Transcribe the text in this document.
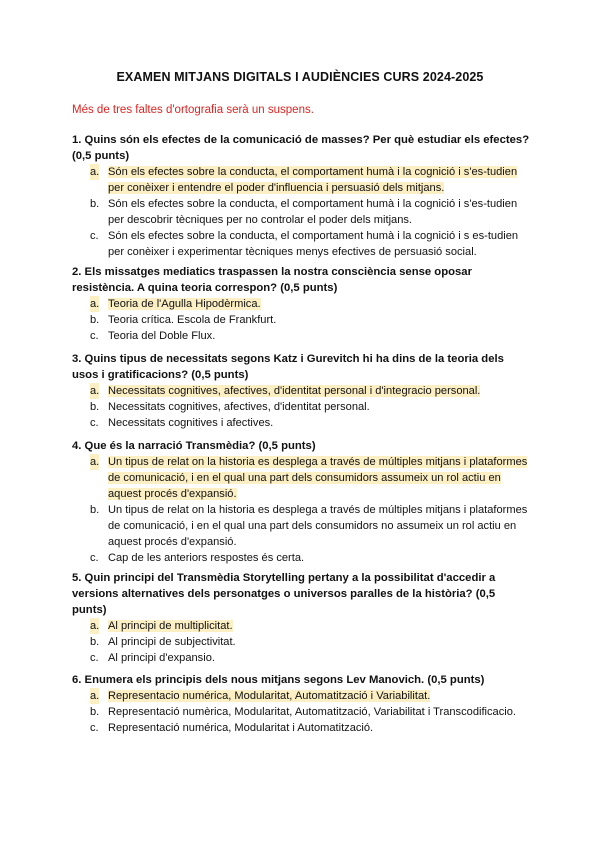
EXAMEN MITJANS DIGITALS I AUDIÈNCIES CURS 2024-2025
Més de tres faltes d'ortografia serà un suspens.
1. Quins són els efectes de la comunicació de masses? Per què estudiar els efectes? (0,5 punts)
a. Són els efectes sobre la conducta, el comportament humà i la cognició i s'es-tudien per conèixer i entendre el poder d'influencia i persuasió dels mitjans.
b. Són els efectes sobre la conducta, el comportament humà i la cognició i s'es-tudien per descobrir tècniques per no controlar el poder dels mitjans.
c. Són els efectes sobre la conducta, el comportament humà i la cognició i s es-tudien per conèixer i experimentar tècniques menys efectives de persuasió social.
2. Els missatges mediatics traspassen la nostra consciència sense oposar resistència. A quina teoria correspon? (0,5 punts)
a. Teoria de l'Agulla Hipodèrmica.
b. Teoria crítica. Escola de Frankfurt.
c. Teoria del Doble Flux.
3. Quins tipus de necessitats segons Katz i Gurevitch hi ha dins de la teoria dels usos i gratificacions? (0,5 punts)
a. Necessitats cognitives, afectives, d'identitat personal i d'integracio personal.
b. Necessitats cognitives, afectives, d'identitat personal.
c. Necessitats cognitives i afectives.
4. Que és la narració Transmèdia? (0,5 punts)
a. Un tipus de relat on la historia es desplega a través de múltiples mitjans i plataformes de comunicació, i en el qual una part dels consumidors assumeix un rol actiu en aquest procés d'expansió.
b. Un tipus de relat on la historia es desplega a través de múltiples mitjans i plataformes de comunicació, i en el qual una part dels consumidors no assumeix un rol actiu en aquest procés d'expansió.
c. Cap de les anteriors respostes és certa.
5. Quin principi del Transmèdia Storytelling pertany a la possibilitat d'accedir a versions alternatives dels personatges o universos paralles de la història? (0,5 punts)
a. Al principi de multiplicitat.
b. Al principi de subjectivitat.
c. Al principi d'expansio.
6. Enumera els principis dels nous mitjans segons Lev Manovich. (0,5 punts)
a. Representacio numérica, Modularitat, Automatització i Variabilitat.
b. Representació numèrica, Modularitat, Automatització, Variabilitat i Transcodificacio.
c. Representació numérica, Modularitat i Automatització.
